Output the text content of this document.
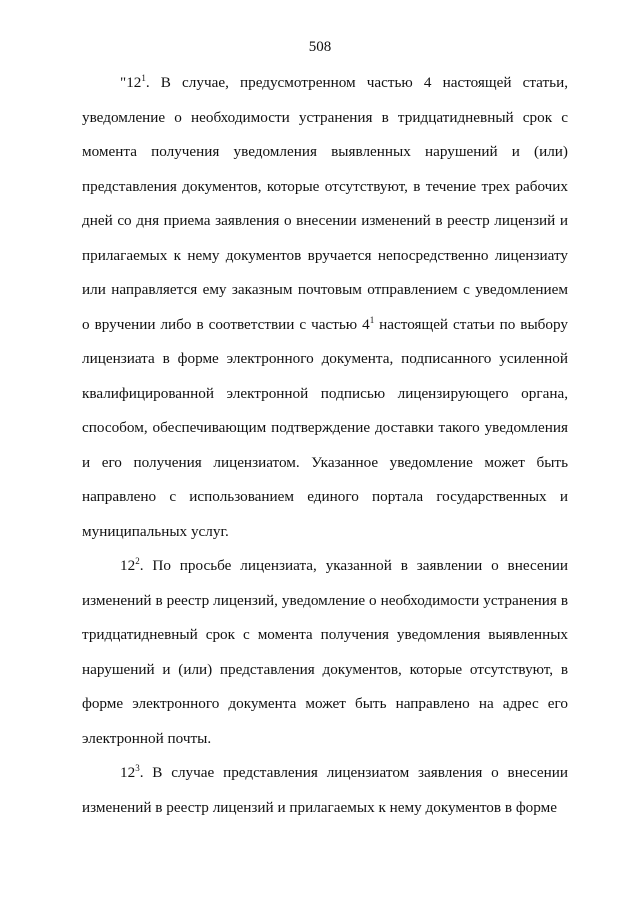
508

"$12^1$. В случае, предусмотренном частью 4 настоящей статьи, уведомление о необходимости устранения в тридцатидневный срок с момента получения уведомления выявленных нарушений и (или) представления документов, которые отсутствуют, в течение трех рабочих дней со дня приема заявления о внесении изменений в реестр лицензий и прилагаемых к нему документов вручается непосредственно лицензиату или направляется ему заказным почтовым отправлением с уведомлением о вручении либо в соответствии с частью $4^1$ настоящей статьи по выбору лицензиата в форме электронного документа, подписанного усиленной квалифицированной электронной подписью лицензирующего органа, способом, обеспечивающим подтверждение доставки такого уведомления и его получения лицензиатом. Указанное уведомление может быть направлено с использованием единого портала государственных и муниципальных услуг.

$12^2$. По просьбе лицензиата, указанной в заявлении о внесении изменений в реестр лицензий, уведомление о необходимости устранения в тридцатидневный срок с момента получения уведомления выявленных нарушений и (или) представления документов, которые отсутствуют, в форме электронного документа может быть направлено на адрес его электронной почты.

$12^3$. В случае представления лицензиатом заявления о внесении изменений в реестр лицензий и прилагаемых к нему документов в форме
